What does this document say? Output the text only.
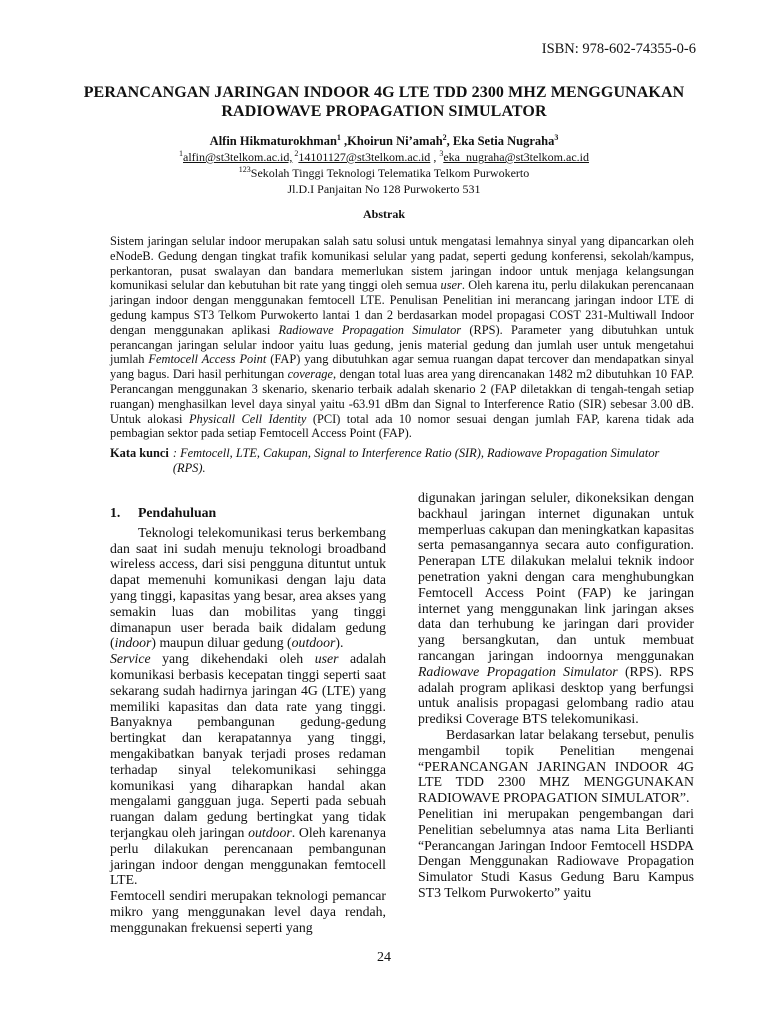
ISBN: 978-602-74355-0-6
PERANCANGAN JARINGAN INDOOR 4G LTE TDD 2300 MHZ MENGGUNAKAN RADIOWAVE PROPAGATION SIMULATOR
Alfin Hikmaturokhman$^1$ ,Khoirun Ni’amah$^2$, Eka Setia Nugraha$^3$
$^1$alfin@st3telkom.ac.id, $^2$14101127@st3telkom.ac.id , $^3$eka_nugraha@st3telkom.ac.id
$^{123}$Sekolah Tinggi Teknologi Telematika Telkom Purwokerto
Jl.D.I Panjaitan No 128 Purwokerto 531
Abstrak
Sistem jaringan selular indoor merupakan salah satu solusi untuk mengatasi lemahnya sinyal yang dipancarkan oleh eNodeB. Gedung dengan tingkat trafik komunikasi selular yang padat, seperti gedung konferensi, sekolah/kampus, perkantoran, pusat swalayan dan bandara memerlukan sistem jaringan indoor untuk menjaga kelangsungan komunikasi selular dan kebutuhan bit rate yang tinggi oleh semua user. Oleh karena itu, perlu dilakukan perencanaan jaringan indoor dengan menggunakan femtocell LTE. Penulisan Penelitian ini merancang jaringan indoor LTE di gedung kampus ST3 Telkom Purwokerto lantai 1 dan 2 berdasarkan model propagasi COST 231-Multiwall Indoor dengan menggunakan aplikasi Radiowave Propagation Simulator (RPS). Parameter yang dibutuhkan untuk perancangan jaringan selular indoor yaitu luas gedung, jenis material gedung dan jumlah user untuk mengetahui jumlah Femtocell Access Point (FAP) yang dibutuhkan agar semua ruangan dapat tercover dan mendapatkan sinyal yang bagus. Dari hasil perhitungan coverage, dengan total luas area yang direncanakan 1482 m2 dibutuhkan 10 FAP. Perancangan menggunakan 3 skenario, skenario terbaik adalah skenario 2 (FAP diletakkan di tengah-tengah setiap ruangan) menghasilkan level daya sinyal yaitu -63.91 dBm dan Signal to Interference Ratio (SIR) sebesar 3.00 dB. Untuk alokasi Physicall Cell Identity (PCI) total ada 10 nomor sesuai dengan jumlah FAP, karena tidak ada pembagian sektor pada setiap Femtocell Access Point (FAP).
Kata kunci : Femtocell, LTE, Cakupan, Signal to Interference Ratio (SIR), Radiowave Propagation Simulator (RPS).
1. Pendahuluan

Teknologi telekomunikasi terus berkembang dan saat ini sudah menuju teknologi broadband wireless access, dari sisi pengguna dituntut untuk dapat memenuhi komunikasi dengan laju data yang tinggi, kapasitas yang besar, area akses yang semakin luas dan mobilitas yang tinggi dimanapun user berada baik didalam gedung (indoor) maupun diluar gedung (outdoor).

Service yang dikehendaki oleh user adalah komunikasi berbasis kecepatan tinggi seperti saat sekarang sudah hadirnya jaringan 4G (LTE) yang memiliki kapasitas dan data rate yang tinggi. Banyaknya pembangunan gedung-gedung bertingkat dan kerapatannya yang tinggi, mengakibatkan banyak terjadi proses redaman terhadap sinyal telekomunikasi sehingga komunikasi yang diharapkan handal akan mengalami gangguan juga. Seperti pada sebuah ruangan dalam gedung bertingkat yang tidak terjangkau oleh jaringan outdoor. Oleh karenanya perlu dilakukan perencanaan pembangunan jaringan indoor dengan menggunakan femtocell LTE.

Femtocell sendiri merupakan teknologi pemancar mikro yang menggunakan level daya rendah, menggunakan frekuensi seperti yang

digunakan jaringan seluler, dikoneksikan dengan backhaul jaringan internet digunakan untuk memperluas cakupan dan meningkatkan kapasitas serta pemasangannya secara auto configuration. Penerapan LTE dilakukan melalui teknik indoor penetration yakni dengan cara menghubungkan Femtocell Access Point (FAP) ke jaringan internet yang menggunakan link jaringan akses data dan terhubung ke jaringan dari provider yang bersangkutan, dan untuk membuat rancangan jaringan indoornya menggunakan Radiowave Propagation Simulator (RPS). RPS adalah program aplikasi desktop yang berfungsi untuk analisis propagasi gelombang radio atau prediksi Coverage BTS telekomunikasi.

Berdasarkan latar belakang tersebut, penulis mengambil topik Penelitian mengenai “PERANCANGAN JARINGAN INDOOR 4G LTE TDD 2300 MHZ MENGGUNAKAN RADIOWAVE PROPAGATION SIMULATOR”.

Penelitian ini merupakan pengembangan dari Penelitian sebelumnya atas nama Lita Berlianti “Perancangan Jaringan Indoor Femtocell HSDPA Dengan Menggunakan Radiowave Propagation Simulator Studi Kasus Gedung Baru Kampus ST3 Telkom Purwokerto” yaitu

24
